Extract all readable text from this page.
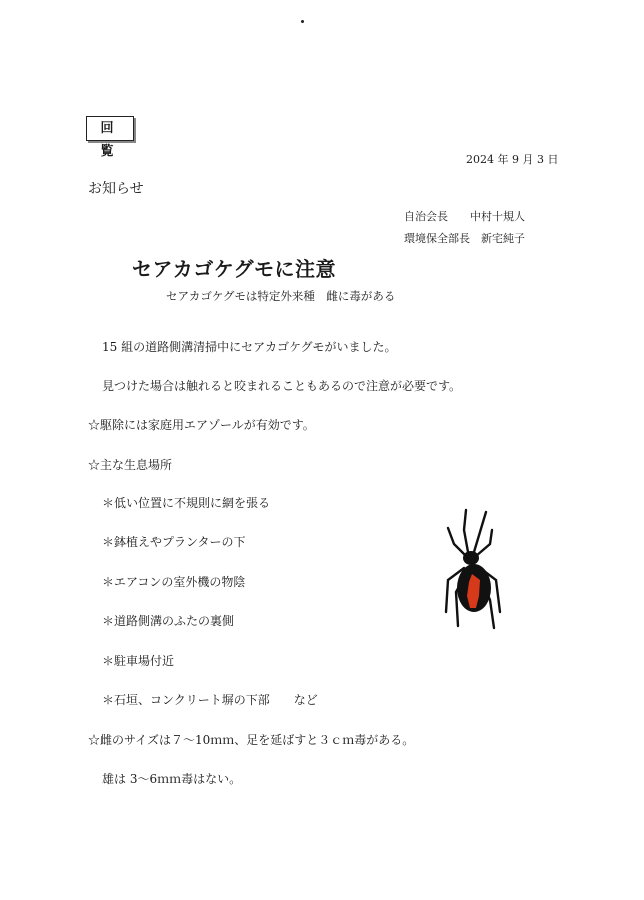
回 覧
2024 年 9 月 3 日
お知らせ
自治会長　　中村十規人
環境保全部長　新宅純子
セアカゴケグモに注意
セアカゴケグモは特定外来種　雌に毒がある
15 組の道路側溝清掃中にセアカゴケグモがいました。
見つけた場合は触れると咬まれることもあるので注意が必要です。
☆駆除には家庭用エアゾールが有効です。
☆主な生息場所
＊低い位置に不規則に網を張る
＊鉢植えやプランターの下
＊エアコンの室外機の物陰
＊道路側溝のふたの裏側
＊駐車場付近
＊石垣、コンクリート塀の下部　　など
☆雌のサイズは７～10ｍｍ、足を延ばすと３ｃｍ毒がある。
雄は 3～6ｍｍ毒はない。
